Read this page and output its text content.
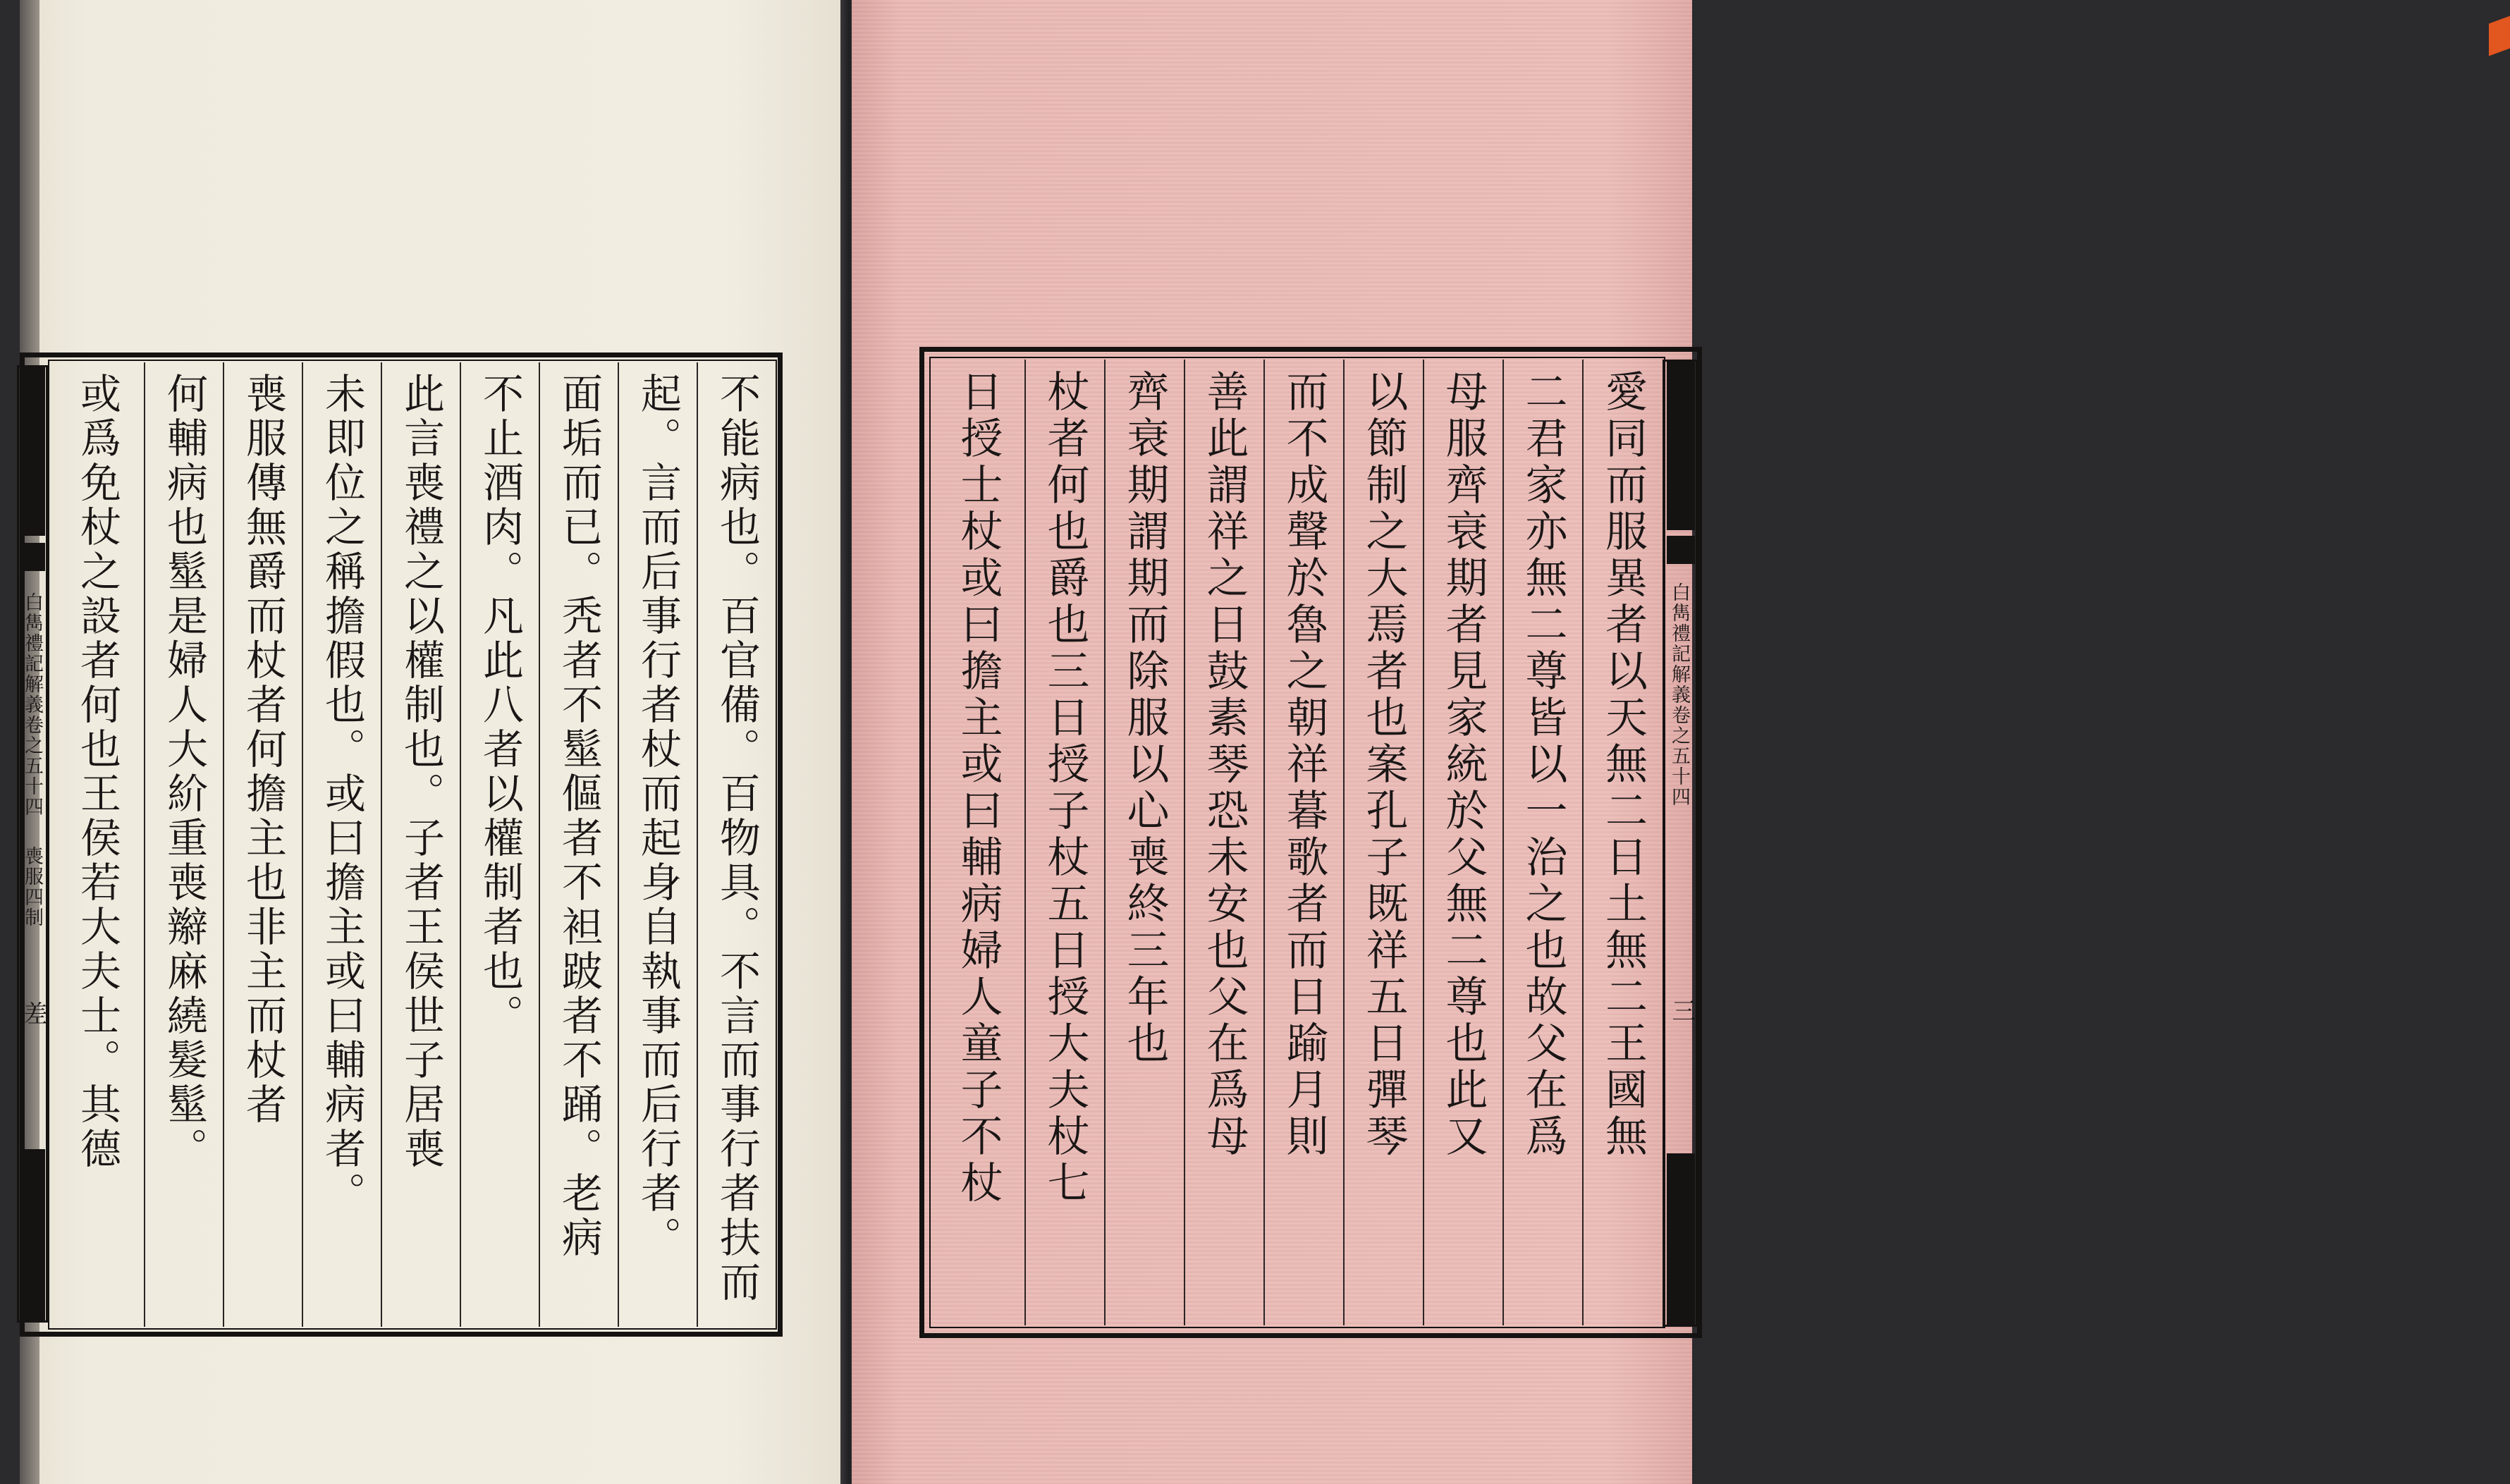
白雋禮記解義卷之五十四
喪服四制
差	不能病也。百官備。百物具。不言而事行者扶而
起。言而后事行者杖而起身自執事而后行者。
面垢而已。秃者不髽傴者不袒跛者不踊。老病
不止酒肉。凡此八者以權制者也。
此言喪禮之以權制也。子者王侯世子居喪
未即位之稱擔假也。或曰擔主或曰輔病者。
喪服傳無爵而杖者何擔主也非主而杖者
何輔病也髽是婦人大紒重喪辮麻繞髮髽。
或爲免杖之設者何也王侯若大夫士。其德	白雋禮記解義卷之五十四
三
愛同而服異者以天無二日土無二王國無
二君家亦無二尊皆以一治之也故父在爲
母服齊衰期者見家統於父無二尊也此又
以節制之大焉者也案孔子既祥五日彈琴
而不成聲於魯之朝祥暮歌者而日踰月則
善此謂祥之日鼓素琴恐未安也父在爲母
齊衰期謂期而除服以心喪終三年也
杖者何也爵也三日授子杖五日授大夫杖七
日授士杖或曰擔主或曰輔病婦人童子不杖
